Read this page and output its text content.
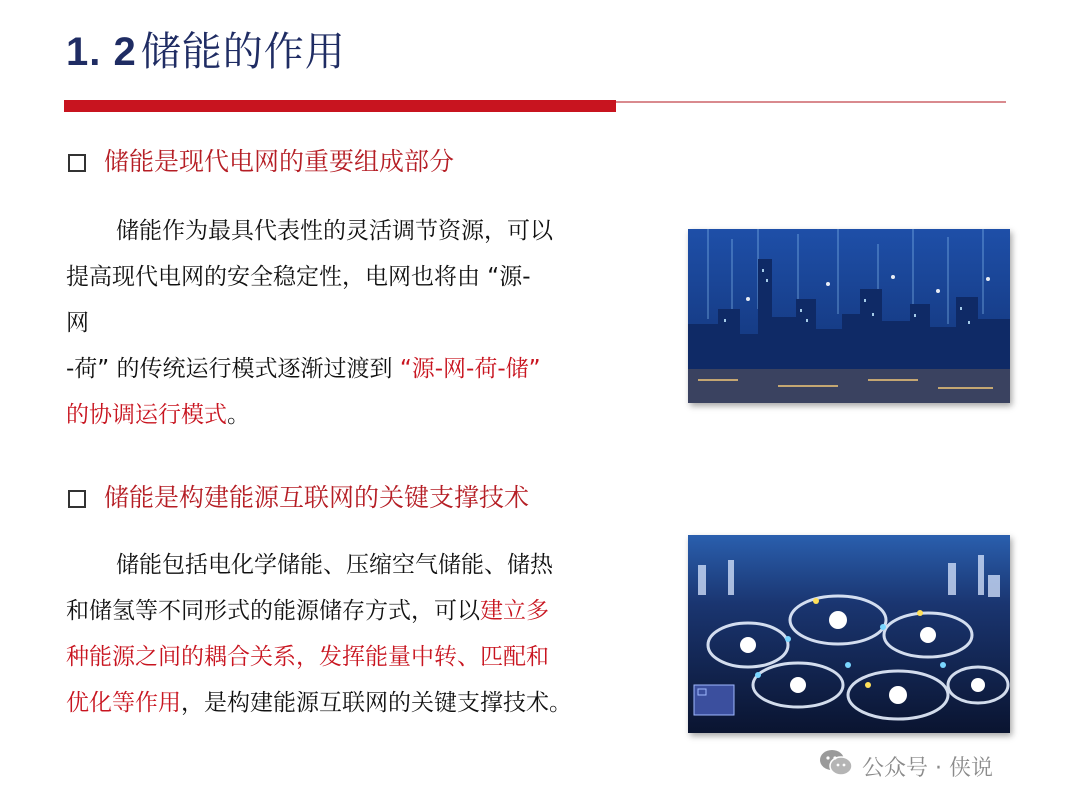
1. 2 储能的作用
储能是现代电网的重要组成部分
储能作为最具代表性的灵活调节资源，可以
提高现代电网的安全稳定性，电网也将由 “源-
网
-荷” 的传统运行模式逐渐过渡到 “源-网-荷-储”
的协调运行模式。
储能是构建能源互联网的关键支撑技术
储能包括电化学储能、压缩空气储能、储热
和储氢等不同形式的能源储存方式，可以建立多
种能源之间的耦合关系，发挥能量中转、匹配和
优化等作用，是构建能源互联网的关键支撑技术。
公众号 · 侠说
